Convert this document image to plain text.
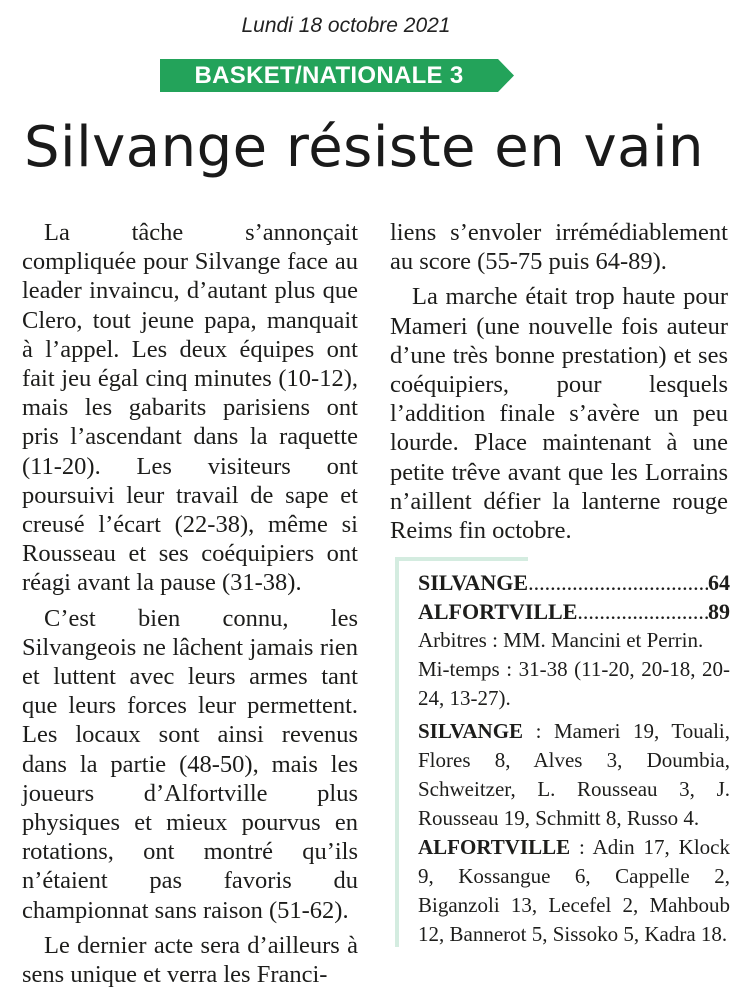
Lundi 18 octobre 2021
BASKET/NATIONALE 3
Silvange résiste en vain

La tâche s’annonçait compliquée pour Silvange face au leader invaincu, d’autant plus que Clero, tout jeune papa, manquait à l’appel. Les deux équipes ont fait jeu égal cinq minutes (10-12), mais les gabarits parisiens ont pris l’ascendant dans la raquette (11-20). Les visiteurs ont poursuivi leur travail de sape et creusé l’écart (22-38), même si Rousseau et ses coéquipiers ont réagi avant la pause (31-38).

C’est bien connu, les Silvangeois ne lâchent jamais rien et luttent avec leurs armes tant que leurs forces leur permettent. Les locaux sont ainsi revenus dans la partie (48-50), mais les joueurs d’Alfortville plus physiques et mieux pourvus en rotations, ont montré qu’ils n’étaient pas favoris du championnat sans raison (51-62).

Le dernier acte sera d’ailleurs à sens unique et verra les Franci-

liens s’envoler irrémédiablement au score (55-75 puis 64-89).

La marche était trop haute pour Mameri (une nouvelle fois auteur d’une très bonne prestation) et ses coéquipiers, pour lesquels l’addition finale s’avère un peu lourde. Place maintenant à une petite trêve avant que les Lorrains n’aillent défier la lanterne rouge Reims fin octobre.

SILVANGE .....	64
ALFORTVILLE .....	89

Arbitres : MM. Mancini et Perrin.

Mi-temps : 31-38 (11-20, 20-18, 20-24, 13-27).

SILVANGE : Mameri 19, Touali, Flores 8, Alves 3, Doumbia, Schweitzer, L. Rousseau 3, J. Rousseau 19, Schmitt 8, Russo 4.

ALFORTVILLE : Adin 17, Klock 9, Kossangue 6, Cappelle 2, Biganzoli 13, Lecefel 2, Mahboub 12, Bannerot 5, Sissoko 5, Kadra 18.
